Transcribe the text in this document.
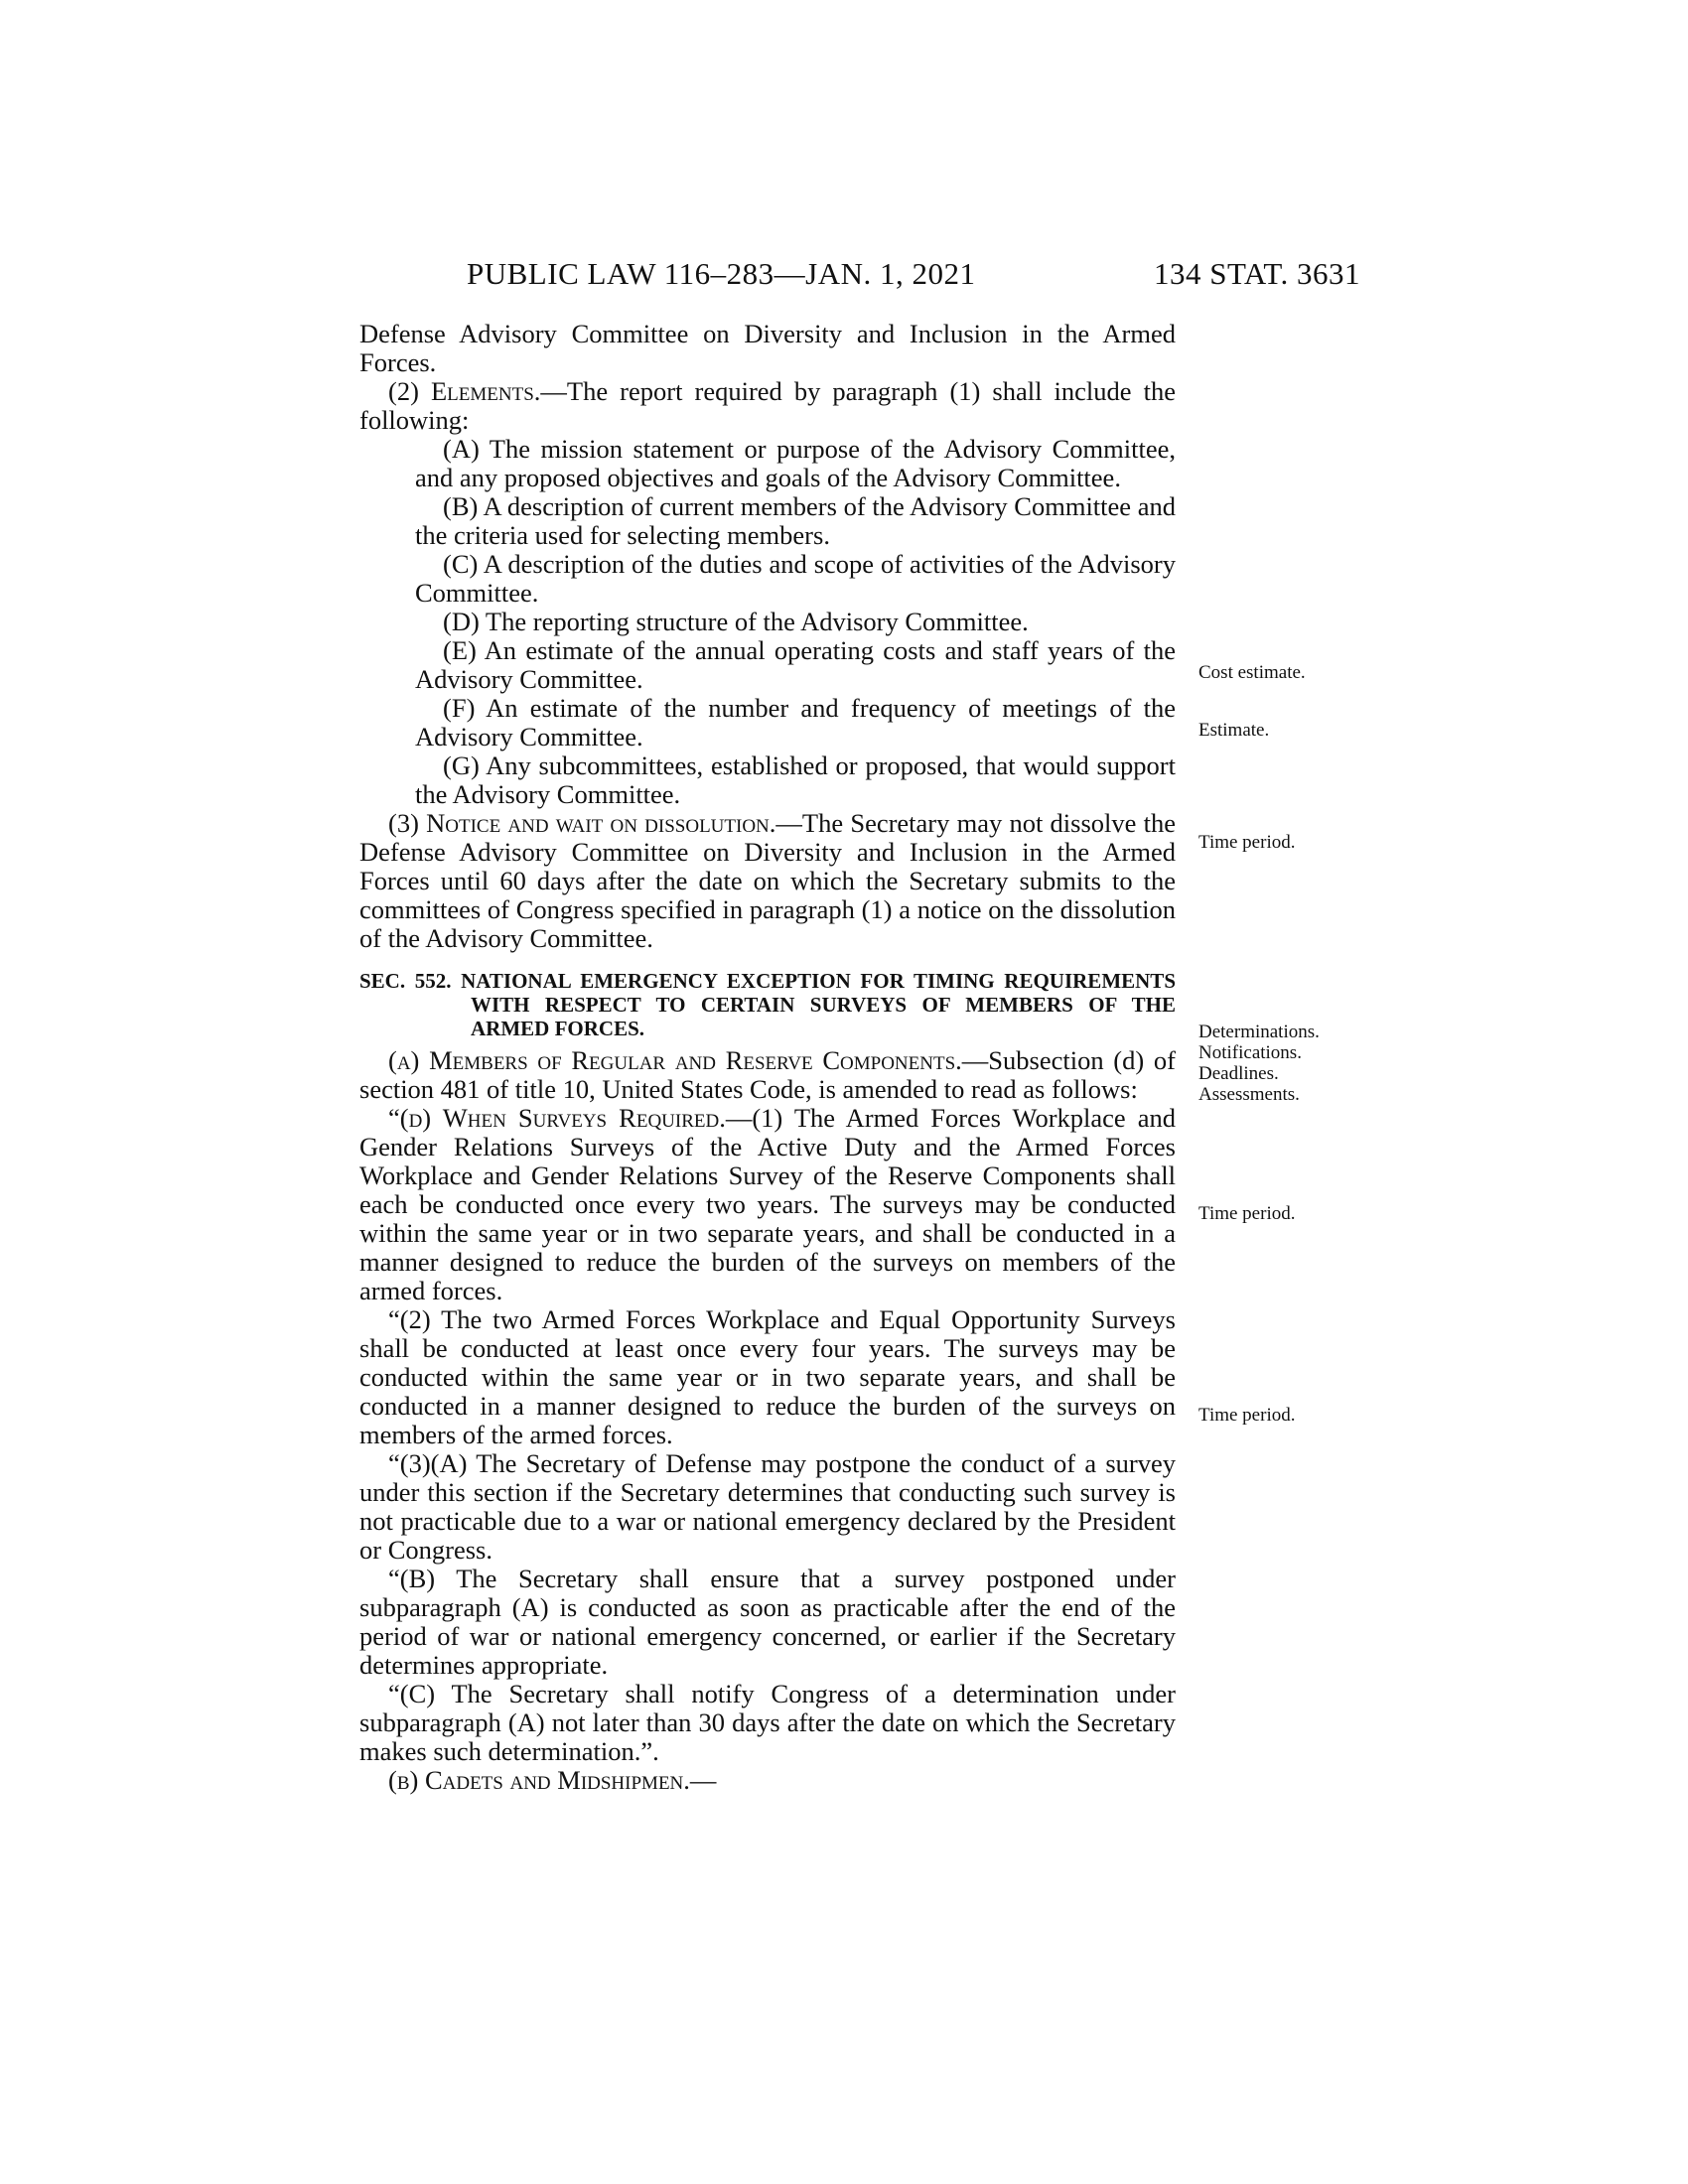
PUBLIC LAW 116–283—JAN. 1, 2021	134 STAT. 3631

Defense Advisory Committee on Diversity and Inclusion in the Armed Forces.

(2) Elements.—The report required by paragraph (1) shall include the following:

(A) The mission statement or purpose of the Advisory Committee, and any proposed objectives and goals of the Advisory Committee.

(B) A description of current members of the Advisory Committee and the criteria used for selecting members.

(C) A description of the duties and scope of activities of the Advisory Committee.

(D) The reporting structure of the Advisory Committee.

(E) An estimate of the annual operating costs and staff years of the Advisory Committee.

(F) An estimate of the number and frequency of meetings of the Advisory Committee.

(G) Any subcommittees, established or proposed, that would support the Advisory Committee.

(3) Notice and wait on dissolution.—The Secretary may not dissolve the Defense Advisory Committee on Diversity and Inclusion in the Armed Forces until 60 days after the date on which the Secretary submits to the committees of Congress specified in paragraph (1) a notice on the dissolution of the Advisory Committee.

SEC. 552. NATIONAL EMERGENCY EXCEPTION FOR TIMING REQUIREMENTS WITH RESPECT TO CERTAIN SURVEYS OF MEMBERS OF THE ARMED FORCES.

(a) Members of Regular and Reserve Components.—Subsection (d) of section 481 of title 10, United States Code, is amended to read as follows:

“(d) When Surveys Required.—(1) The Armed Forces Workplace and Gender Relations Surveys of the Active Duty and the Armed Forces Workplace and Gender Relations Survey of the Reserve Components shall each be conducted once every two years. The surveys may be conducted within the same year or in two separate years, and shall be conducted in a manner designed to reduce the burden of the surveys on members of the armed forces.

“(2) The two Armed Forces Workplace and Equal Opportunity Surveys shall be conducted at least once every four years. The surveys may be conducted within the same year or in two separate years, and shall be conducted in a manner designed to reduce the burden of the surveys on members of the armed forces.

“(3)(A) The Secretary of Defense may postpone the conduct of a survey under this section if the Secretary determines that conducting such survey is not practicable due to a war or national emergency declared by the President or Congress.

“(B) The Secretary shall ensure that a survey postponed under subparagraph (A) is conducted as soon as practicable after the end of the period of war or national emergency concerned, or earlier if the Secretary determines appropriate.

“(C) The Secretary shall notify Congress of a determination under subparagraph (A) not later than 30 days after the date on which the Secretary makes such determination.”.

(b) Cadets and Midshipmen.—

Cost estimate.
Estimate.
Time period.
Determinations.
Notifications.
Deadlines.
Assessments.
Time period.
Time period.
